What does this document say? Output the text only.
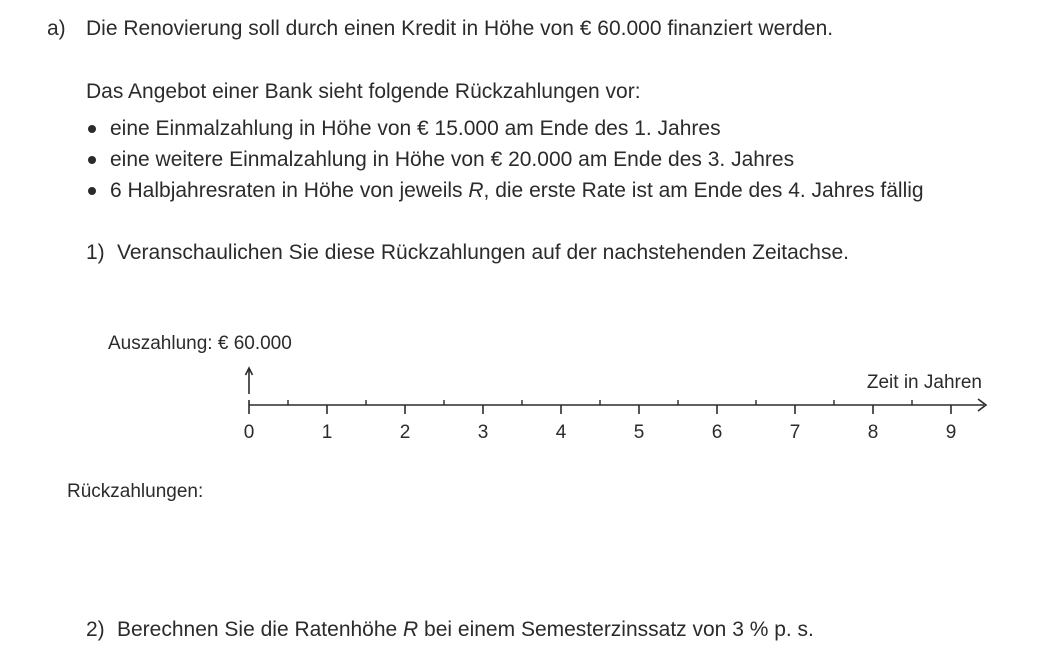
a) Die Renovierung soll durch einen Kredit in Höhe von € 60.000 finanziert werden.
Das Angebot einer Bank sieht folgende Rückzahlungen vor:
eine Einmalzahlung in Höhe von € 15.000 am Ende des 1. Jahres
eine weitere Einmalzahlung in Höhe von € 20.000 am Ende des 3. Jahres
6 Halbjahresraten in Höhe von jeweils R, die erste Rate ist am Ende des 4. Jahres fällig
1) Veranschaulichen Sie diese Rückzahlungen auf der nachstehenden Zeitachse.
Auszahlung: € 60.000
0	1	2	3	4	5	6	7	8	9
Zeit in Jahren
Rückzahlungen:
2) Berechnen Sie die Ratenhöhe R bei einem Semesterzinssatz von 3 % p. s.
